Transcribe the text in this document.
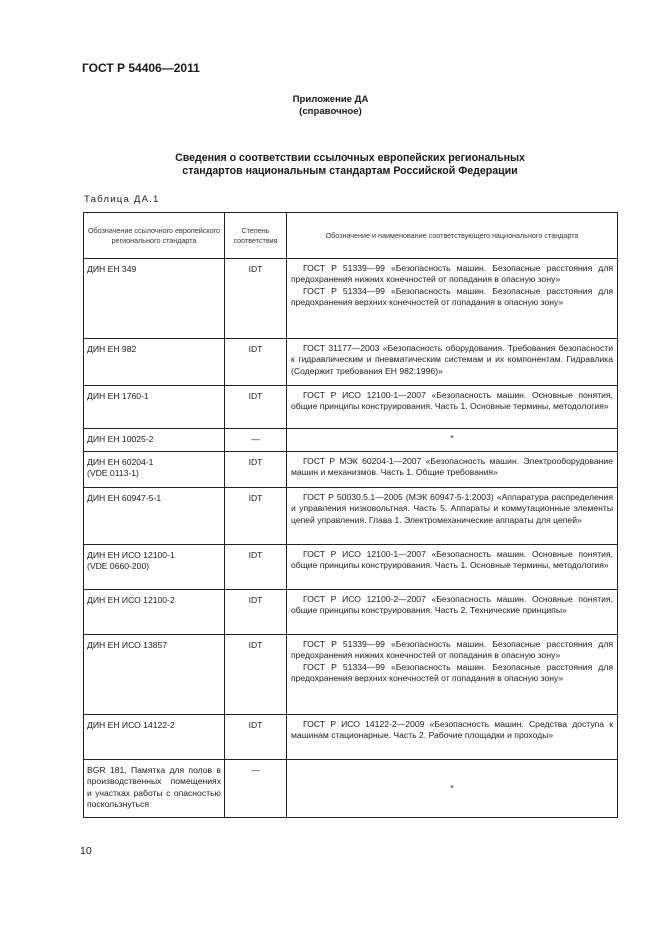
ГОСТ Р 54406—2011
Приложение ДА
(справочное)
Сведения о соответствии ссылочных европейских региональных
стандартов национальным стандартам Российской Федерации
Таблица ДА.1
Обозначение ссылочного европейского регионального стандарта	Степень соответствия	Обозначение и наименование соответствующего национального стандарта
ДИН ЕН 349	IDT	ГОСТ Р 51339—99 «Безопасность машин. Безопасные расстояния для предохранения нижних конечностей от попадания в опасную зону»
ГОСТ Р 51334—99 «Безопасность машин. Безопасные расстояния для предохранения верхних конечностей от попадания в опасную зону»

ДИН ЕН 982	IDT	ГОСТ 31177—2003 «Безопасность оборудования. Требования безопасности к гидравлическим и пневматическим системам и их компонентам. Гидравлика (Содержит требования ЕН 982:1996)»

ДИН ЕН 1760-1	IDT	ГОСТ Р ИСО 12100-1—2007 «Безопасность машин. Основные понятия, общие принципы конструирования. Часть 1. Основные термины, методология»

ДИН ЕН 10025-2	—	*

ДИН ЕН 60204-1
(VDE 0113-1)	IDT	ГОСТ Р МЭК 60204-1—2007 «Безопасность машин. Электрооборудование машин и механизмов. Часть 1. Общие требования»

ДИН ЕН 60947-5-1	IDT	ГОСТ Р 50030.5.1—2005 (МЭК 60947-5-1:2003) «Аппаратура распределения и управления низковольтная. Часть 5. Аппараты и коммутационные элементы цепей управления. Глава 1. Электромеханические аппараты для цепей»

ДИН ЕН ИСО 12100-1
(VDE 0660-200)	IDT	ГОСТ Р ИСО 12100-1—2007 «Безопасность машин. Основные понятия, общие принципы конструирования. Часть 1. Основные термины, методология»

ДИН ЕН ИСО 12100-2	IDT	ГОСТ Р ИСО 12100-2—2007 «Безопасность машин. Основные понятия, общие принципы конструирования. Часть 2. Технические принципы»

ДИН ЕН ИСО 13857	IDT	ГОСТ Р 51339—99 «Безопасность машин. Безопасные расстояния для предохранения нижних конечностей от попадания в опасную зону»
ГОСТ Р 51334—99 «Безопасность машин. Безопасные расстояния для предохранения верхних конечностей от попадания в опасную зону»

ДИН ЕН ИСО 14122-2	IDT	ГОСТ Р ИСО 14122-2—2009 «Безопасность машин. Средства доступа к машинам стационарные. Часть 2. Рабочие площадки и проходы»

BGR 181, Памятка для полов в производственных помещениях и участках работы с опасностью поскользнуться	—	*
10
